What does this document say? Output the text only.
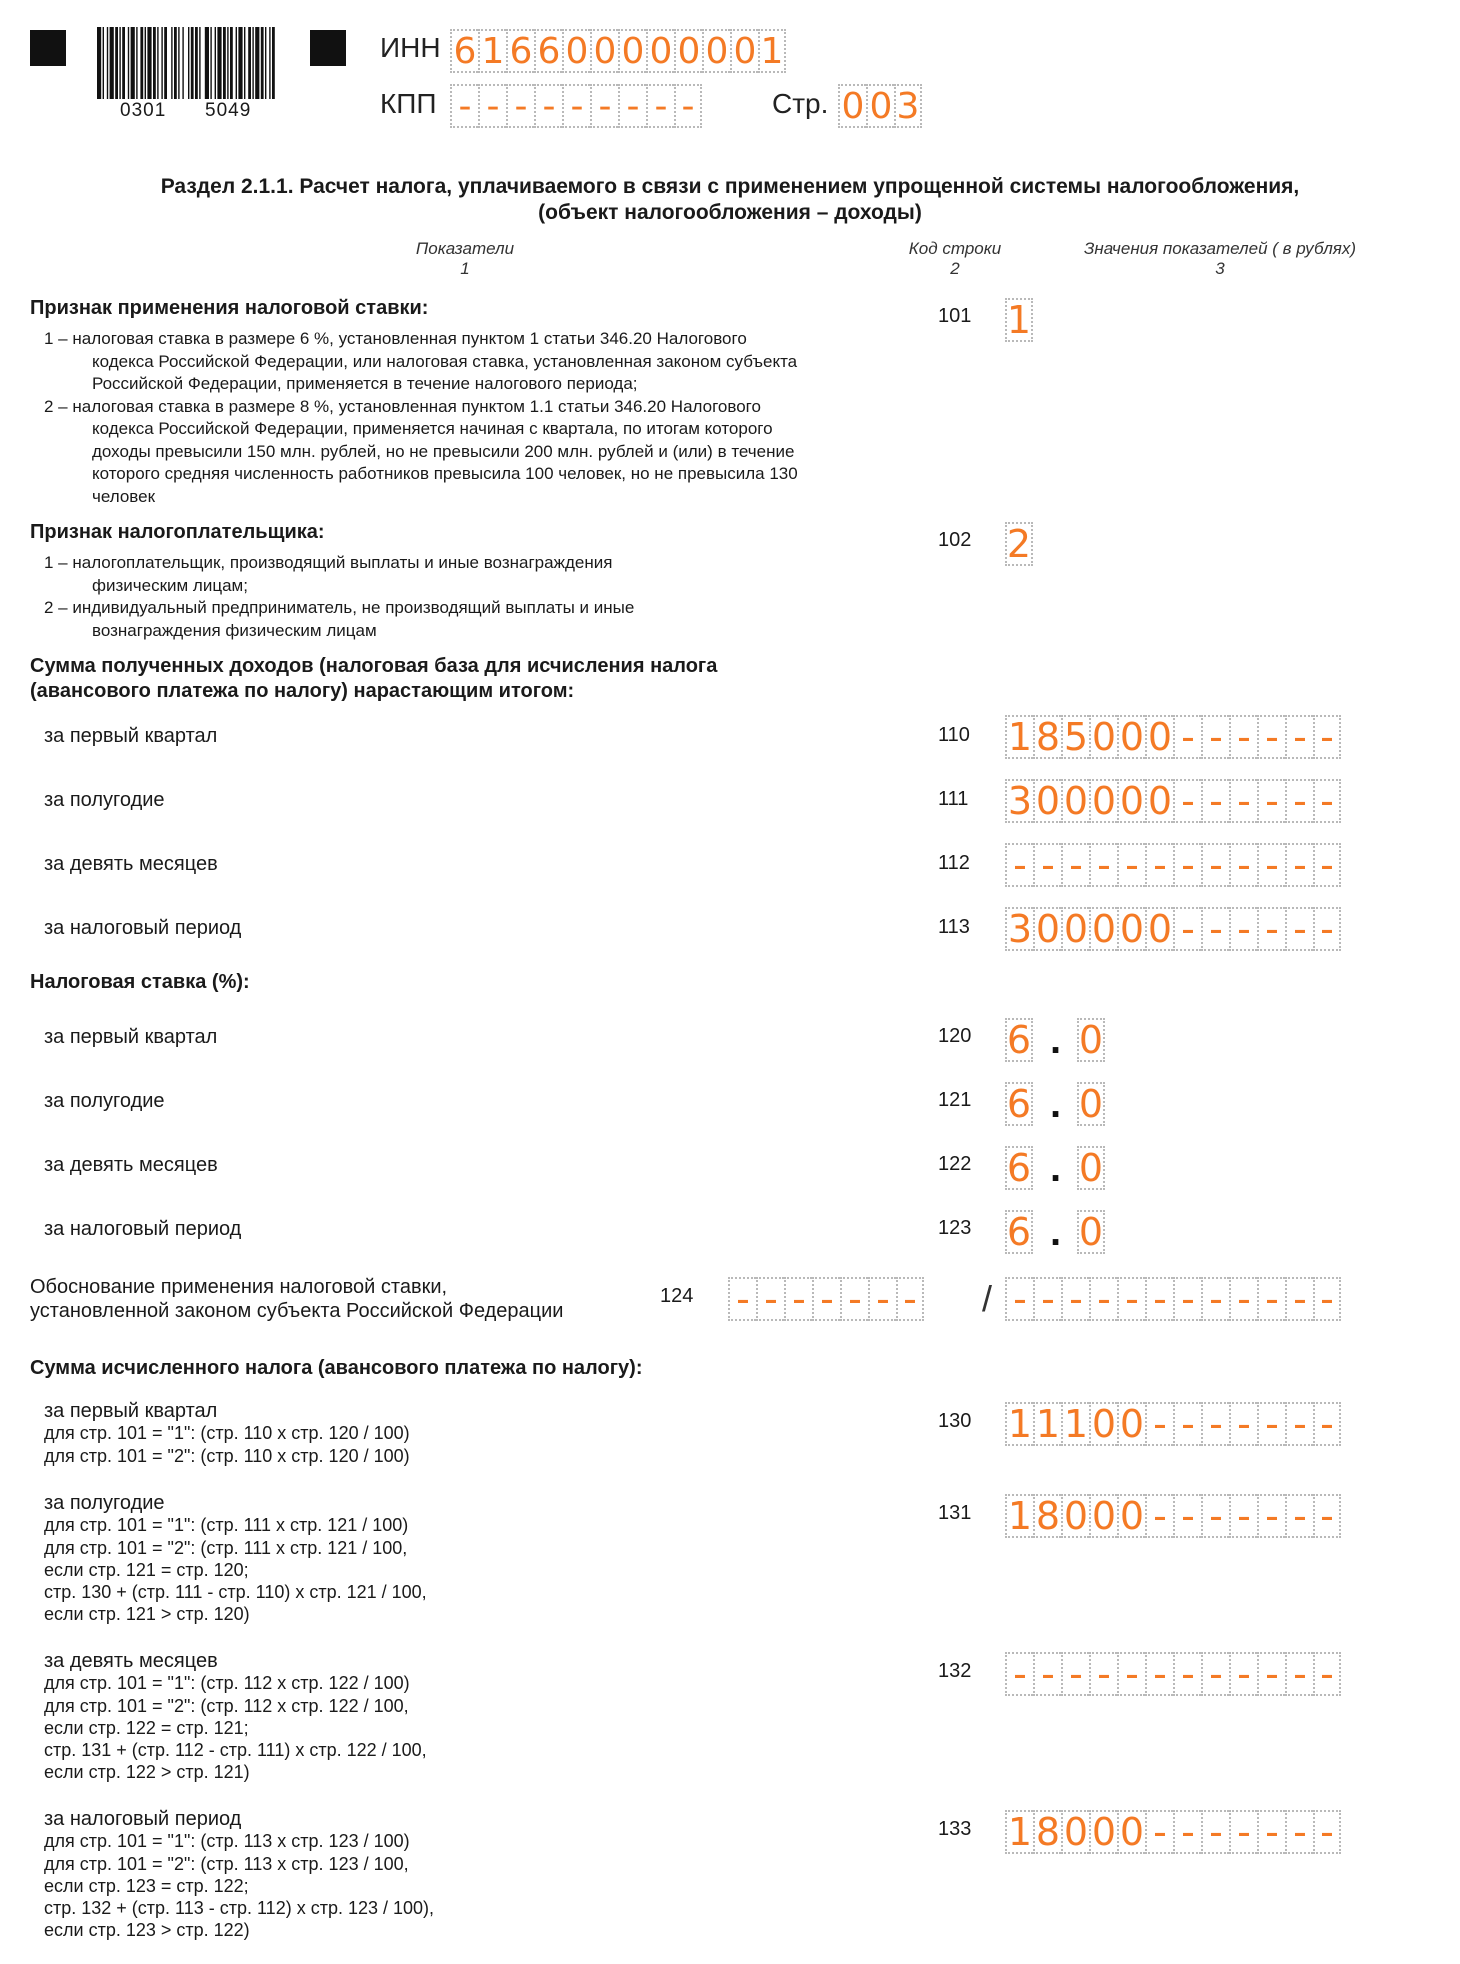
0301 5049
ИНН 6 1 6 6 0 0 0 0 0 0 0 1
КПП - - - - - - - - -	Стр. 0 0 3
Раздел 2.1.1. Расчет налога, уплачиваемого в связи с применением упрощенной системы налогообложения,
(объект налогообложения – доходы)
Показатели
1
Код строки
2
Значения показателей ( в рублях)
3
Признак применения налоговой ставки:
1 – налоговая ставка в размере 6 %, установленная пунктом 1 статьи 346.20 Налогового
кодекса Российской Федерации, или налоговая ставка, установленная законом субъекта
Российской Федерации, применяется в течение налогового периода;
2 – налоговая ставка в размере 8 %, установленная пунктом 1.1 статьи 346.20 Налогового
кодекса Российской Федерации, применяется начиная с квартала, по итогам которого
доходы превысили 150 млн. рублей, но не превысили 200 млн. рублей и (или) в течение
которого средняя численность работников превысила 100 человек, но не превысила 130
человек
101 1
Признак налогоплательщика:
1 – налогоплательщик, производящий выплаты и иные вознаграждения
физическим лицам;
2 – индивидуальный предприниматель, не производящий выплаты и иные
вознаграждения физическим лицам
102 2
Сумма полученных доходов (налоговая база для исчисления налога
(авансового платежа по налогу) нарастающим итогом:
за первый квартал	110 1 8 5 0 0 0 - - - - - -
за полугодие	111 3 0 0 0 0 0 - - - - - -
за девять месяцев	112 - - - - - - - - - - - -
за налоговый период	113 3 0 0 0 0 0 - - - - - -
Налоговая ставка (%):
за первый квартал	120 6 . 0
за полугодие	121 6 . 0
за девять месяцев	122 6 . 0
за налоговый период	123 6 . 0
Обоснование применения налоговой ставки,
установленной законом субъекта Российской Федерации
124 - - - - - - - / - - - - - - - - - - - -
Сумма исчисленного налога (авансового платежа по налогу):
за первый квартал
для стр. 101 = "1": (стр. 110 x стр. 120 / 100)
для стр. 101 = "2": (стр. 110 x стр. 120 / 100)
130 1 1 1 0 0 - - - - - - -
за полугодие
для стр. 101 = "1": (стр. 111 x стр. 121 / 100)
для стр. 101 = "2": (стр. 111 x стр. 121 / 100,
если стр. 121 = стр. 120;
стр. 130 + (стр. 111 - стр. 110) x стр. 121 / 100,
если стр. 121 > стр. 120)
131 1 8 0 0 0 - - - - - - -
за девять месяцев
для стр. 101 = "1": (стр. 112 x стр. 122 / 100)
для стр. 101 = "2": (стр. 112 x стр. 122 / 100,
если стр. 122 = стр. 121;
стр. 131 + (стр. 112 - стр. 111) x стр. 122 / 100,
если стр. 122 > стр. 121)
132 - - - - - - - - - - - -
за налоговый период
для стр. 101 = "1": (стр. 113 x стр. 123 / 100)
для стр. 101 = "2": (стр. 113 x стр. 123 / 100,
если стр. 123 = стр. 122;
стр. 132 + (стр. 113 - стр. 112) x стр. 123 / 100),
если стр. 123 > стр. 122)
133 1 8 0 0 0 - - - - - - -
